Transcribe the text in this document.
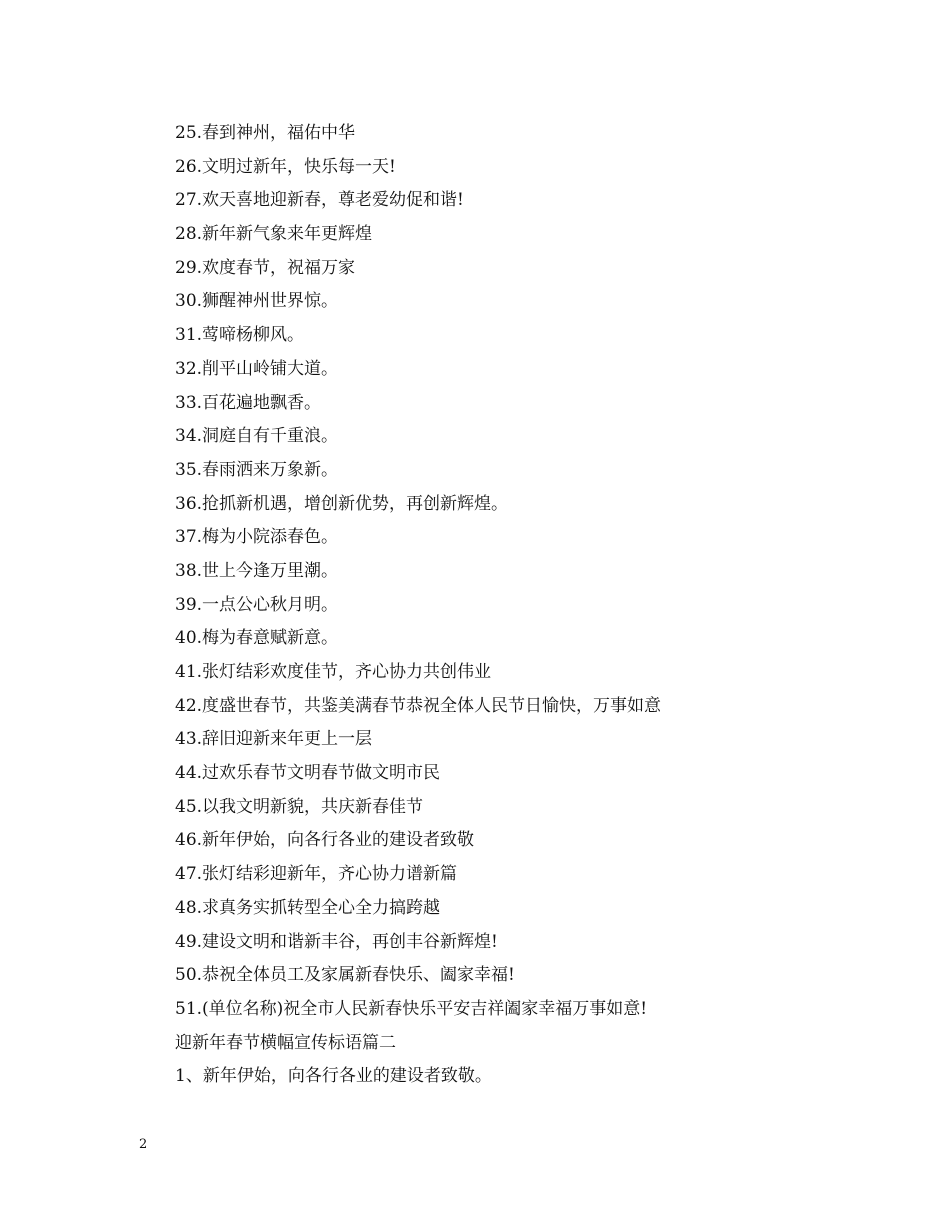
25.春到神州，福佑中华
26.文明过新年，快乐每一天!
27.欢天喜地迎新春，尊老爱幼促和谐!
28.新年新气象来年更辉煌
29.欢度春节，祝福万家
30.狮醒神州世界惊。
31.莺啼杨柳风。
32.削平山岭铺大道。
33.百花遍地飘香。
34.洞庭自有千重浪。
35.春雨洒来万象新。
36.抢抓新机遇，增创新优势，再创新辉煌。
37.梅为小院添春色。
38.世上今逢万里潮。
39.一点公心秋月明。
40.梅为春意赋新意。
41.张灯结彩欢度佳节，齐心协力共创伟业
42.度盛世春节，共鉴美满春节恭祝全体人民节日愉快，万事如意
43.辞旧迎新来年更上一层
44.过欢乐春节文明春节做文明市民
45.以我文明新貌，共庆新春佳节
46.新年伊始，向各行各业的建设者致敬
47.张灯结彩迎新年，齐心协力谱新篇
48.求真务实抓转型全心全力搞跨越
49.建设文明和谐新丰谷，再创丰谷新辉煌!
50.恭祝全体员工及家属新春快乐、阖家幸福!
51.(单位名称)祝全市人民新春快乐平安吉祥阖家幸福万事如意!
迎新年春节横幅宣传标语篇二
1、新年伊始，向各行各业的建设者致敬。
2
